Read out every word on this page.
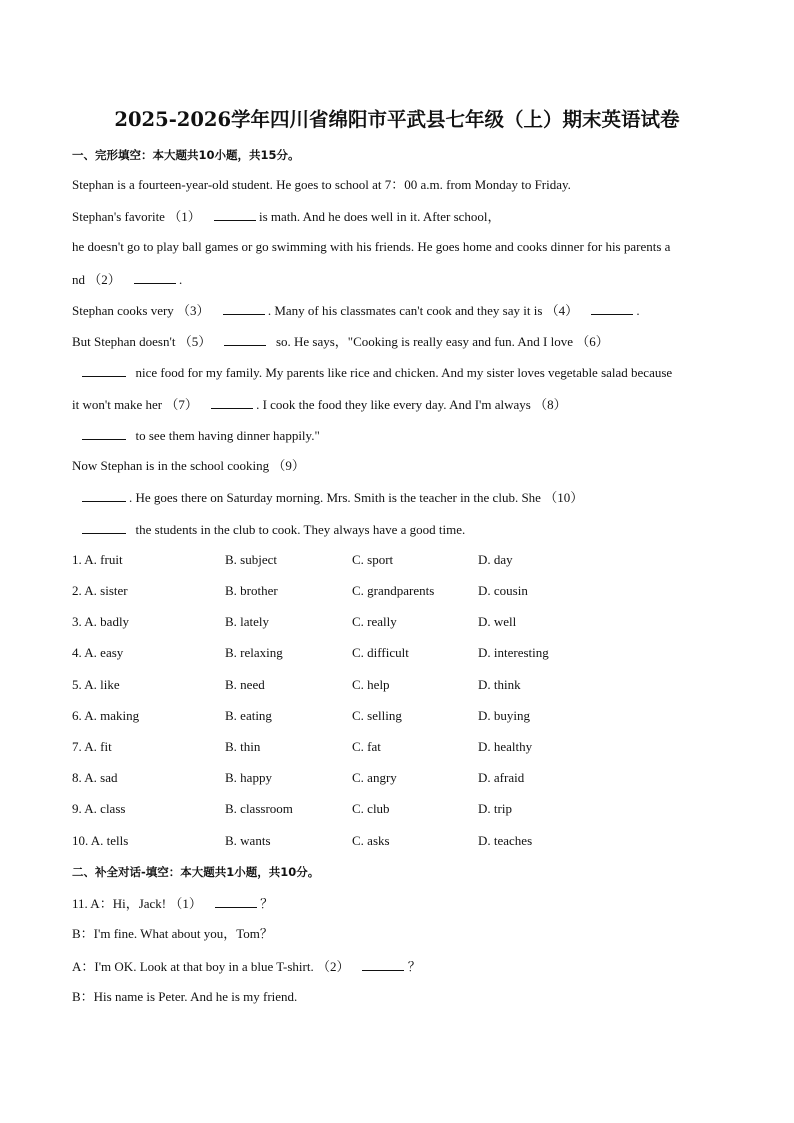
2025-2026学年四川省绵阳市平武县七年级（上）期末英语试卷
一、完形填空：本大题共10小题，共15分。
Stephan is a fourteen-year-old student. He goes to school at 7：00 a.m. from Monday to Friday.
Stephan's favorite （1）	is math. And he does well in it. After school，
he doesn't go to play ball games or go swimming with his friends. He goes home and cooks dinner for his parents a
nd （2）	.
Stephan cooks very （3）	. Many of his classmates can't cook and they say it is （4）	.
But Stephan doesn't （5）	so. He says，"Cooking is really easy and fun. And I love （6）
nice food for my family. My parents like rice and chicken. And my sister loves vegetable salad because
it won't make her （7）	. I cook the food they like every day. And I'm always （8）
to see them having dinner happily."
Now Stephan is in the school cooking （9）
. He goes there on Saturday morning. Mrs. Smith is the teacher in the club. She （10）
the students in the club to cook. They always have a good time.
1. A. fruit	B. subject	C. sport	D. day
2. A. sister	B. brother	C. grandparents	D. cousin
3. A. badly	B. lately	C. really	D. well
4. A. easy	B. relaxing	C. difficult	D. interesting
5. A. like	B. need	C. help	D. think
6. A. making	B. eating	C. selling	D. buying
7. A. fit	B. thin	C. fat	D. healthy
8. A. sad	B. happy	C. angry	D. afraid
9. A. class	B. classroom	C. club	D. trip
10. A. tells	B. wants	C. asks	D. teaches
二、补全对话-填空：本大题共1小题，共10分。
11. A：Hi，Jack! （1）	？
B：I'm fine. What about you，Tom？
A：I'm OK. Look at that boy in a blue T-shirt. （2）	？
B：His name is Peter. And he is my friend.
